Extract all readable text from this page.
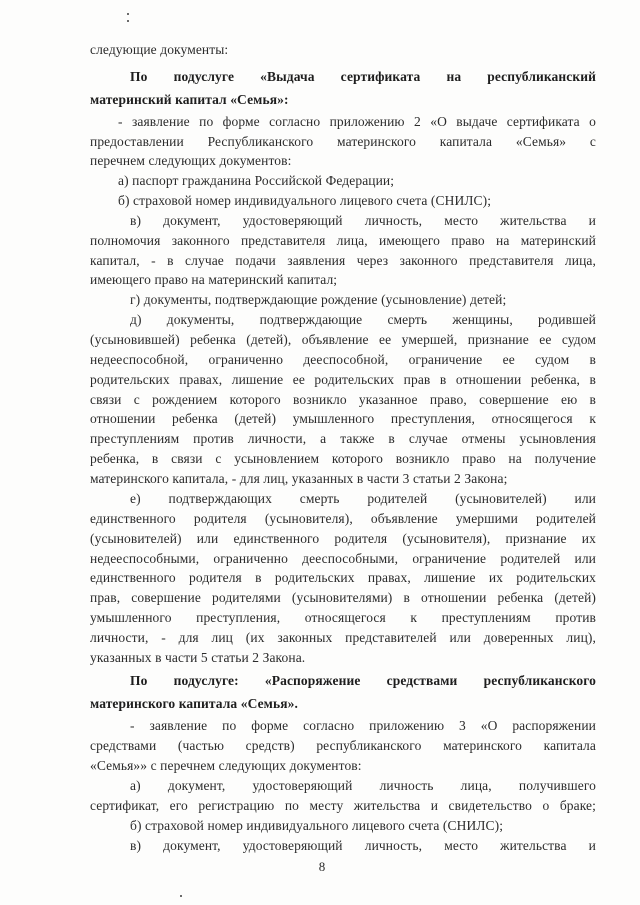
следующие документы:
По подуслуге «Выдача сертификата на республиканский
материнский капитал «Семья»:
- заявление по форме согласно приложению 2 «О выдаче сертификата о
предоставлении Республиканского материнского капитала «Семья» с
перечнем следующих документов:
а) паспорт гражданина Российской Федерации;
б) страховой номер индивидуального лицевого счета (СНИЛС);
в) документ, удостоверяющий личность, место жительства и
полномочия законного представителя лица, имеющего право на материнский
капитал, - в случае подачи заявления через законного представителя лица,
имеющего право на материнский капитал;
г) документы, подтверждающие рождение (усыновление) детей;
д) документы, подтверждающие смерть женщины, родившей
(усыновившей) ребенка (детей), объявление ее умершей, признание ее судом
недееспособной, ограниченно дееспособной, ограничение ее судом в
родительских правах, лишение ее родительских прав в отношении ребенка, в
связи с рождением которого возникло указанное право, совершение ею в
отношении ребенка (детей) умышленного преступления, относящегося к
преступлениям против личности, а также в случае отмены усыновления
ребенка, в связи с усыновлением которого возникло право на получение
материнского капитала, - для лиц, указанных в части 3 статьи 2 Закона;
е) подтверждающих смерть родителей (усыновителей) или
единственного родителя (усыновителя), объявление умершими родителей
(усыновителей) или единственного родителя (усыновителя), признание их
недееспособными, ограниченно дееспособными, ограничение родителей или
единственного родителя в родительских правах, лишение их родительских
прав, совершение родителями (усыновителями) в отношении ребенка (детей)
умышленного преступления, относящегося к преступлениям против
личности, - для лиц (их законных представителей или доверенных лиц),
указанных в части 5 статьи 2 Закона.
По подуслуге: «Распоряжение средствами республиканского
материнского капитала «Семья».
- заявление по форме согласно приложению 3 «О распоряжении
средствами (частью средств) республиканского материнского капитала
«Семья»» с перечнем следующих документов:
а) документ, удостоверяющий личность лица, получившего
сертификат, его регистрацию по месту жительства и свидетельство о браке;
б) страховой номер индивидуального лицевого счета (СНИЛС);
в) документ, удостоверяющий личность, место жительства и
8
